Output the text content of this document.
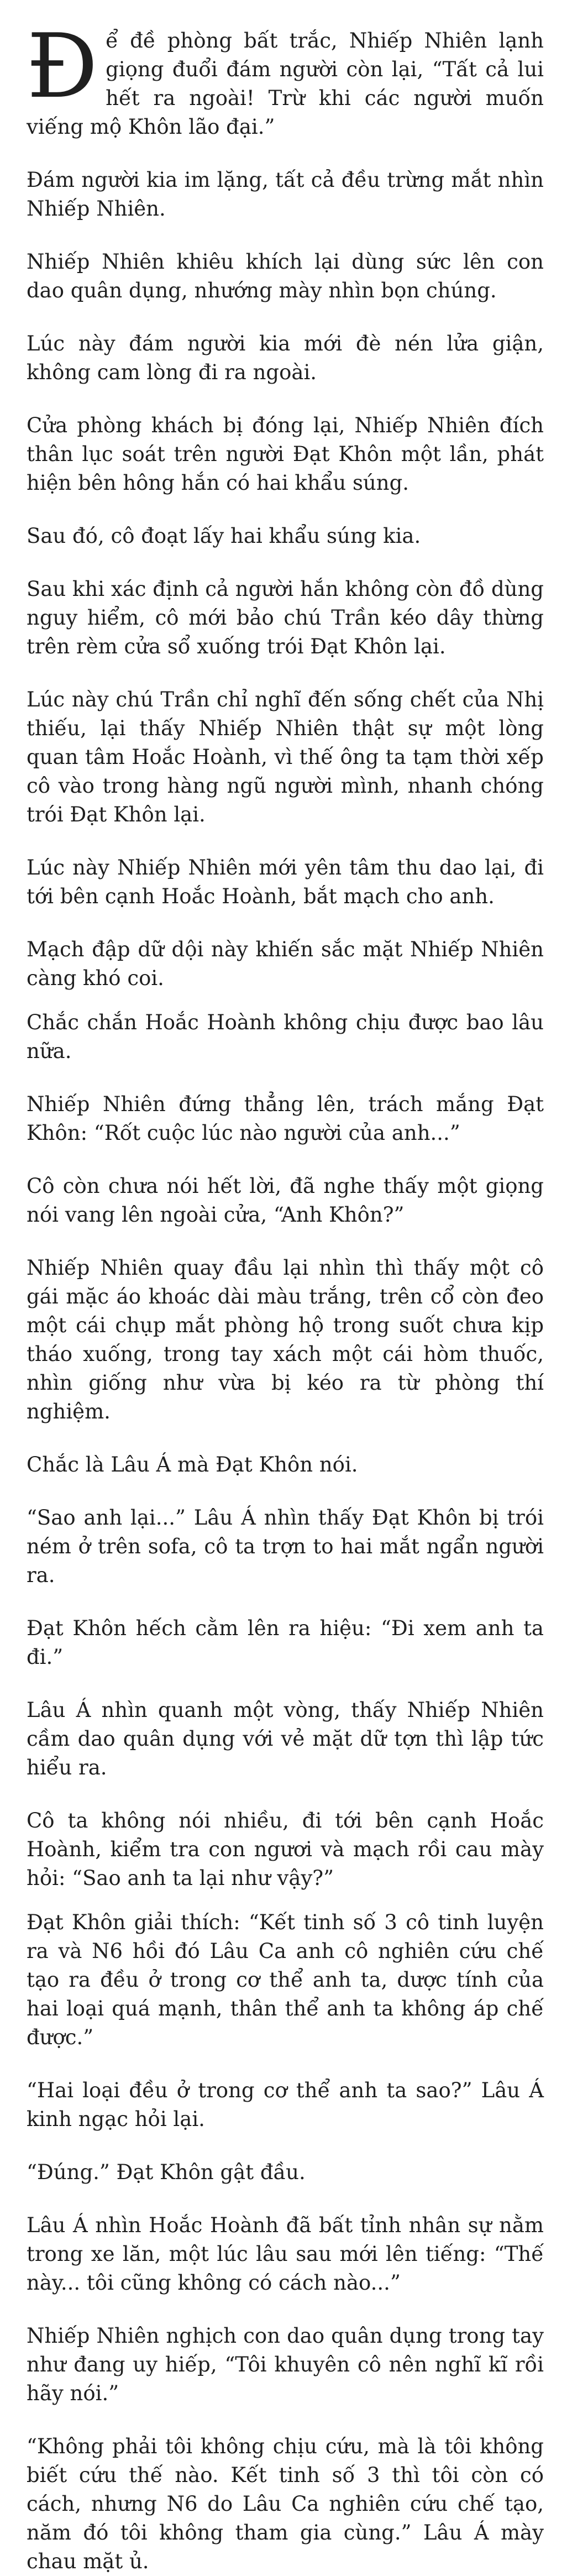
Đ ể đề phòng bất trắc, Nhiếp Nhiên lạnh giọng đuổi đám người còn lại, “Tất cả lui hết ra ngoài! Trừ khi các người muốn viếng mộ Khôn lão đại.”

Đám người kia im lặng, tất cả đều trừng mắt nhìn Nhiếp Nhiên.

Nhiếp Nhiên khiêu khích lại dùng sức lên con dao quân dụng, nhướng mày nhìn bọn chúng.

Lúc này đám người kia mới đè nén lửa giận, không cam lòng đi ra ngoài.

Cửa phòng khách bị đóng lại, Nhiếp Nhiên đích thân lục soát trên người Đạt Khôn một lần, phát hiện bên hông hắn có hai khẩu súng.

Sau đó, cô đoạt lấy hai khẩu súng kia.

Sau khi xác định cả người hắn không còn đồ dùng nguy hiểm, cô mới bảo chú Trần kéo dây thừng trên rèm cửa sổ xuống trói Đạt Khôn lại.

Lúc này chú Trần chỉ nghĩ đến sống chết của Nhị thiếu, lại thấy Nhiếp Nhiên thật sự một lòng quan tâm Hoắc Hoành, vì thế ông ta tạm thời xếp cô vào trong hàng ngũ người mình, nhanh chóng trói Đạt Khôn lại.

Lúc này Nhiếp Nhiên mới yên tâm thu dao lại, đi tới bên cạnh Hoắc Hoành, bắt mạch cho anh.

Mạch đập dữ dội này khiến sắc mặt Nhiếp Nhiên càng khó coi.

Chắc chắn Hoắc Hoành không chịu được bao lâu nữa.

Nhiếp Nhiên đứng thẳng lên, trách mắng Đạt Khôn: “Rốt cuộc lúc nào người của anh...”

Cô còn chưa nói hết lời, đã nghe thấy một giọng nói vang lên ngoài cửa, “Anh Khôn?”

Nhiếp Nhiên quay đầu lại nhìn thì thấy một cô gái mặc áo khoác dài màu trắng, trên cổ còn đeo một cái chụp mắt phòng hộ trong suốt chưa kịp tháo xuống, trong tay xách một cái hòm thuốc, nhìn giống như vừa bị kéo ra từ phòng thí nghiệm.

Chắc là Lâu Á mà Đạt Khôn nói.

“Sao anh lại...” Lâu Á nhìn thấy Đạt Khôn bị trói ném ở trên sofa, cô ta trợn to hai mắt ngẩn người ra.

Đạt Khôn hếch cằm lên ra hiệu: “Đi xem anh ta đi.”

Lâu Á nhìn quanh một vòng, thấy Nhiếp Nhiên cầm dao quân dụng với vẻ mặt dữ tợn thì lập tức hiểu ra.

Cô ta không nói nhiều, đi tới bên cạnh Hoắc Hoành, kiểm tra con ngươi và mạch rồi cau mày hỏi: “Sao anh ta lại như vậy?”

Đạt Khôn giải thích: “Kết tinh số 3 cô tinh luyện ra và N6 hồi đó Lâu Ca anh cô nghiên cứu chế tạo ra đều ở trong cơ thể anh ta, dược tính của hai loại quá mạnh, thân thể anh ta không áp chế được.”

“Hai loại đều ở trong cơ thể anh ta sao?” Lâu Á kinh ngạc hỏi lại.

“Đúng.” Đạt Khôn gật đầu.

Lâu Á nhìn Hoắc Hoành đã bất tỉnh nhân sự nằm trong xe lăn, một lúc lâu sau mới lên tiếng: “Thế này... tôi cũng không có cách nào...”

Nhiếp Nhiên nghịch con dao quân dụng trong tay như đang uy hiếp, “Tôi khuyên cô nên nghĩ kĩ rồi hãy nói.”

“Không phải tôi không chịu cứu, mà là tôi không biết cứu thế nào. Kết tinh số 3 thì tôi còn có cách, nhưng N6 do Lâu Ca nghiên cứu chế tạo, năm đó tôi không tham gia cùng.” Lâu Á mày chau mặt ủ.
